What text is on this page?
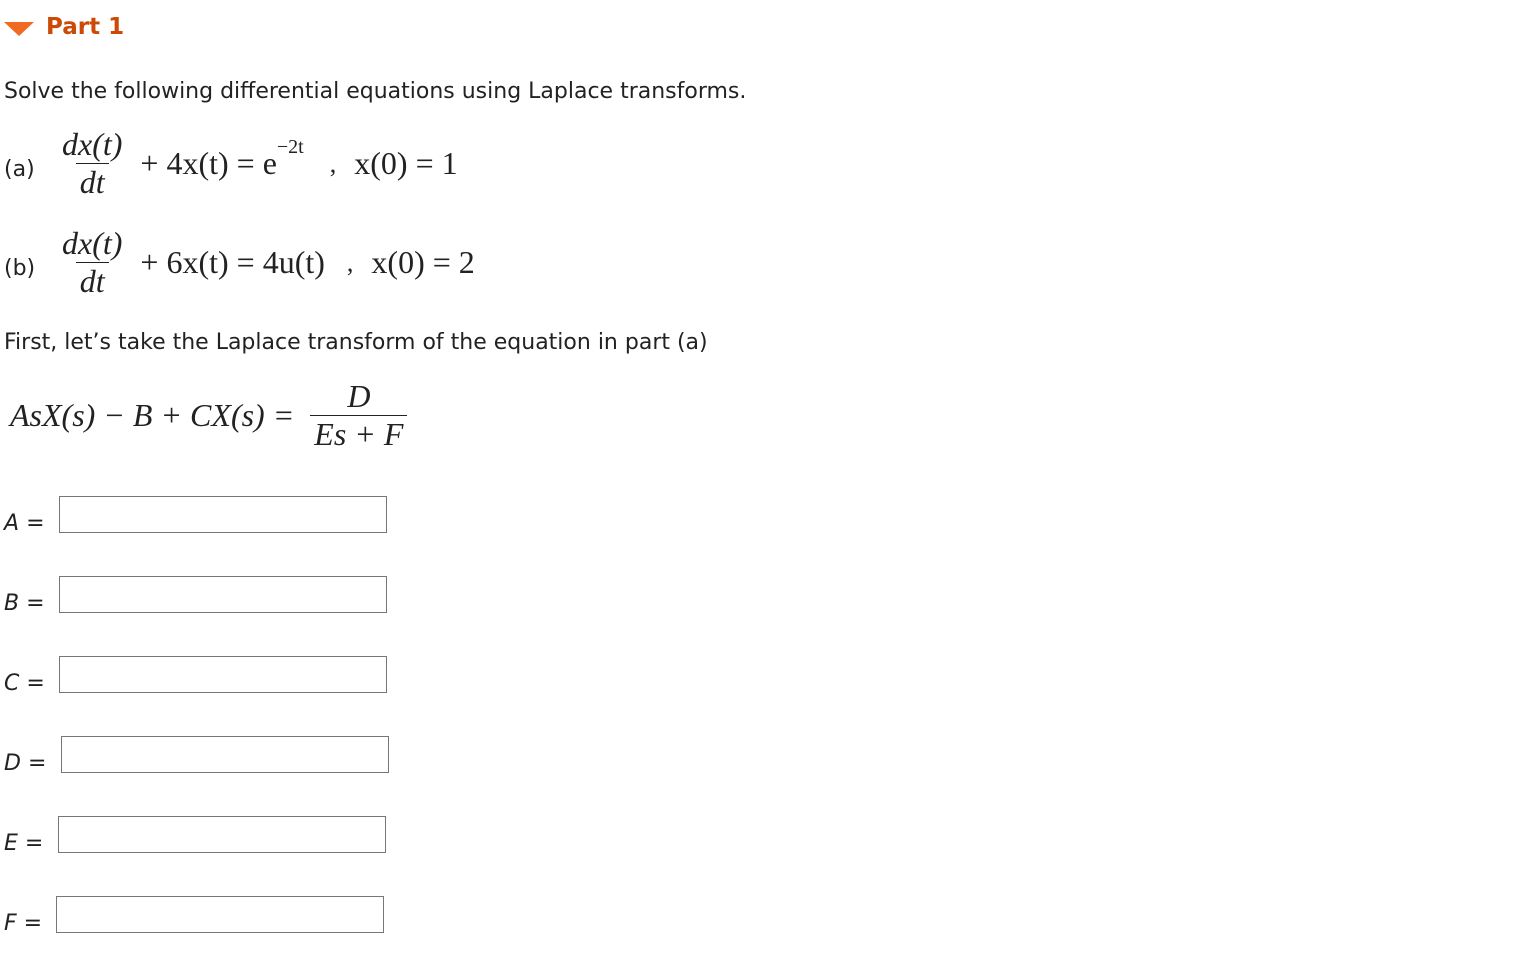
Part 1
Solve the following differential equations using Laplace transforms.
$(a) \frac{dx(t)}{dt} + 4x(t) = e^{-2t}$ , x(0) = 1
$(b) \frac{dx(t)}{dt} + 6x(t) = 4u(t)$ , x(0) = 2
First, let’s take the Laplace transform of the equation in part (a)
$AsX(s) - B + CX(s) = \frac{D}{Es + F}$
A =
B =
C =
D =
E =
F =
